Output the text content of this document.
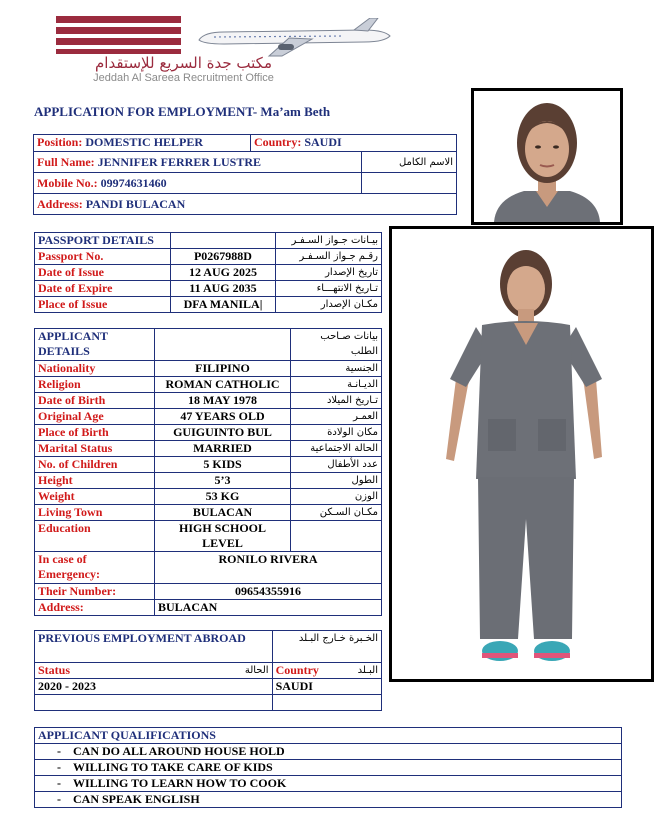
مكتب جدة السريع للإستقدام
Jeddah Al Sareea Recruitment Office
APPLICATION FOR EMPLOYMENT- Ma’am Beth
Position: DOMESTIC HELPER	Country: SAUDI	
Full Name: JENNIFER FERRER LUSTRE		الاسم الكامل
Mobile No.: 09974631460		
Address: PANDI BULACAN		
PASSPORT DETAILS		بيـانات جـواز السـفـر
Passport No.	P0267988D	رقـم جـواز السـفـر
Date of Issue	12 AUG 2025	تاريخ الإصدار
Date of Expire	11 AUG 2035	تـاريخ الانتهـــاء
Place of Issue	DFA MANILA|	مكـان الإصدار
APPLICANT DETAILS		بيانات صـاحب الطلب
Nationality	FILIPINO	الجنسية
Religion	ROMAN CATHOLIC	الديـانـة
Date of Birth	18 MAY 1978	تـاريخ الميلاد
Original Age	47 YEARS OLD	العمـر
Place of Birth	GUIGUINTO BUL	مكان الولادة
Marital Status	MARRIED	الحالة الاجتماعية
No. of Children	5 KIDS	عدد الأطفال
Height	5’3	الطول
Weight	53 KG	الوزن
Living Town	BULACAN	مكـان السـكن
Education	HIGH SCHOOL LEVEL	
In case of Emergency:	RONILO RIVERA	
Their Number:	09654355916	
Address:	BULACAN	
PREVIOUS EMPLOYMENT ABROAD		الخـبرة خـارج البـلد	
Status	الحالة	Country	البـلد
2020 - 2023		SAUDI	

APPLICANT QUALIFICATIONS
-    CAN DO ALL AROUND HOUSE HOLD
-    WILLING TO TAKE CARE OF KIDS
-    WILLING TO LEARN HOW TO COOK
-    CAN SPEAK ENGLISH
